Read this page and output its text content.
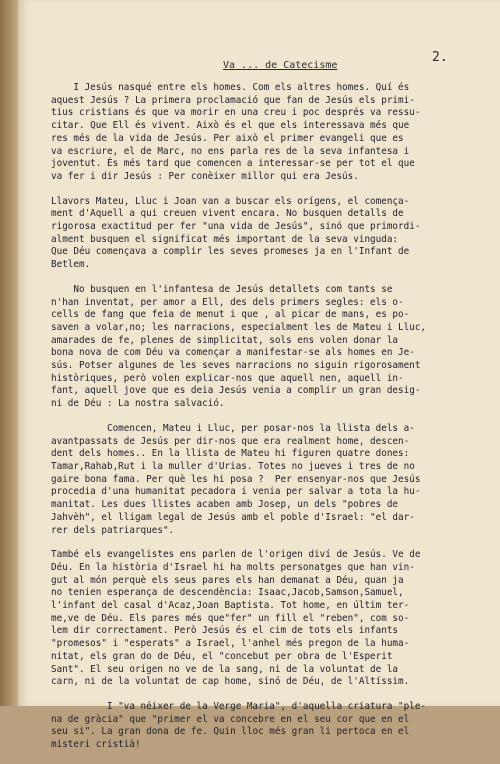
2.
Va ... de Catecisme
I Jesús nasqué entre els homes. Com els altres homes. Quí és
aquest Jesús ? La primera proclamació que fan de Jesús els primi-
tius cristians és que va morir en una creu i poc després va ressu-
citar. Que Ell és vivent. Això és el que els interessava més que
res més de la vida de Jesús. Per això el primer evangeli que es
va escriure, el de Marc, no ens parla res de la seva infantesa i
joventut. És més tard que comencen a interessar-se per tot el que
va fer i dir Jesús : Per conèixer millor qui era Jesús.
Llavors Mateu, Lluc i Joan van a buscar els orígens, el comença-
ment d'Aquell a qui creuen vivent encara. No busquen detalls de
rigorosa exactitud per fer "una vida de Jesús", sinó que primordi-
alment busquen el significat més important de la seva vinguda:
Que Déu començava a complir les seves promeses ja en l'Infant de
Betlem.
No busquen en l'infantesa de Jesús detallets com tants se
n'han inventat, per amor a Ell, des dels primers segles: els o-
cells de fang que feia de menut i que , al picar de mans, es po-
saven a volar,no; les narracions, especialment les de Mateu i Lluc,
amarades de fe, plenes de simplicitat, sols ens volen donar la
bona nova de com Déu va començar a manifestar-se als homes en Je-
sús. Potser algunes de les seves narracions no siguin rigorosament
històriques, però volen explicar-nos que aquell nen, aquell in-
fant, aquell jove que es deia Jesús venia a complir un gran desig-
ni de Déu : La nostra salvació.
Comencen, Mateu i Lluc, per posar-nos la llista dels a-
avantpassats de Jesús per dir-nos que era realment home, descen-
dent dels homes.. En la llista de Mateu hi figuren quatre dones:
Tamar,Rahab,Rut i la muller d'Urias. Totes no jueves i tres de no
gaire bona fama. Per què les hi posa ?  Per ensenyar-nos que Jesús
procedia d'una humanitat pecadora i venia per salvar a tota la hu-
manitat. Les dues llistes acaben amb Josep, un dels "pobres de
Jahvèh", el lligam legal de Jesús amb el poble d'Israel: "el dar-
rer dels patriarques".
També els evangelistes ens parlen de l'origen diví de Jesús. Ve de
Déu. En la història d'Israel hi ha molts personatges que han vin-
gut al món perquè els seus pares els han demanat a Déu, quan ja
no tenien esperança de descendència: Isaac,Jacob,Samson,Samuel,
l'infant del casal d'Acaz,Joan Baptista. Tot home, en últim ter-
me,ve de Déu. Els pares més que"fer" un fill el "reben", com so-
lem dir correctament. Però Jesús és el cim de tots els infants
"promesos" i "esperats" a Israel, l'anhel més pregon de la huma-
nitat, els gran do de Déu, el "concebut per obra de l'Esperit
Sant". El seu origen no ve de la sang, ni de la voluntat de la
carn, ni de la voluntat de cap home, sinó de Déu, de l'Altíssim.
I "va néixer de la Verge Maria", d'aquella criatura "ple-
na de gràcia" que "primer el va concebre en el seu cor que en el
seu si". La gran dona de fe. Quin lloc més gran li pertoca en el
misteri cristià!
